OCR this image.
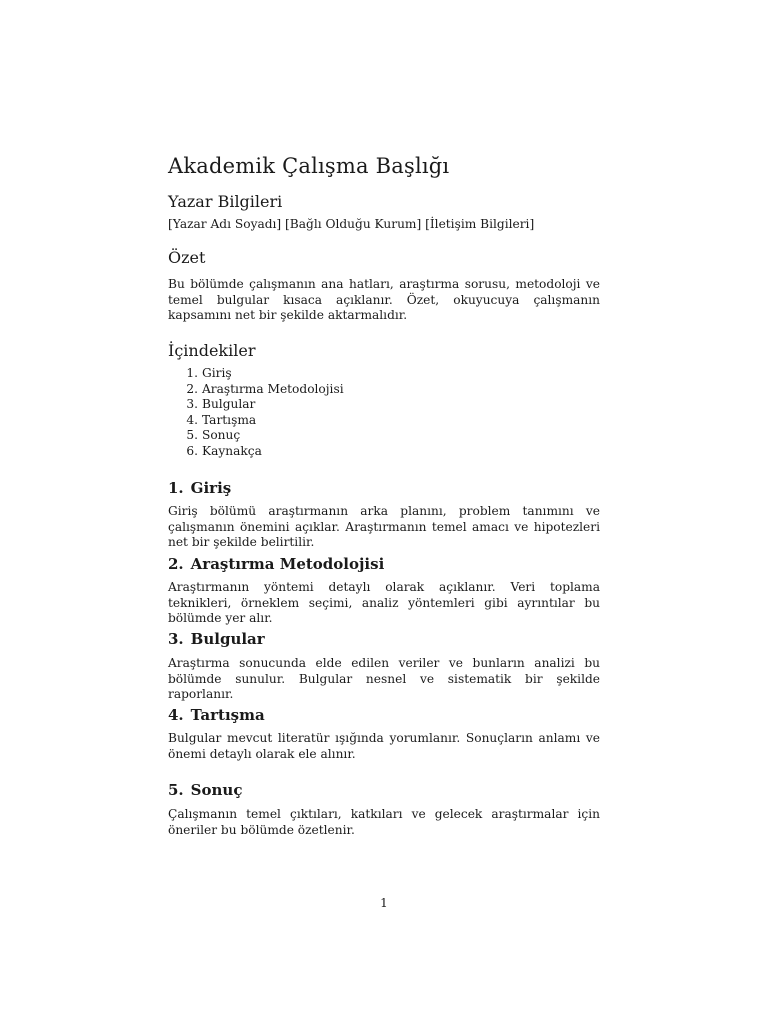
Akademik Çalışma Başlığı
Yazar Bilgileri
[Yazar Adı Soyadı] [Bağlı Olduğu Kurum] [İletişim Bilgileri]
Özet
Bu bölümde çalışmanın ana hatları, araştırma sorusu, metodoloji ve temel bulgular kısaca açıklanır. Özet, okuyucuya çalışmanın kapsamını net bir şekilde aktarmalıdır.
İçindekiler
1. Giriş
2. Araştırma Metodolojisi
3. Bulgular
4. Tartışma
5. Sonuç
6. Kaynakça
1. Giriş
Giriş bölümü araştırmanın arka planını, problem tanımını ve çalışmanın önemini açıklar. Araştırmanın temel amacı ve hipotezleri net bir şekilde belirtilir.
2. Araştırma Metodolojisi
Araştırmanın yöntemi detaylı olarak açıklanır. Veri toplama teknikleri, örneklem seçimi, analiz yöntemleri gibi ayrıntılar bu bölümde yer alır.
3. Bulgular
Araştırma sonucunda elde edilen veriler ve bunların analizi bu bölümde sunulur. Bulgular nesnel ve sistematik bir şekilde raporlanır.
4. Tartışma
Bulgular mevcut literatür ışığında yorumlanır. Sonuçların anlamı ve önemi detaylı olarak ele alınır.
5. Sonuç
Çalışmanın temel çıktıları, katkıları ve gelecek araştırmalar için öneriler bu bölümde özetlenir.
1
